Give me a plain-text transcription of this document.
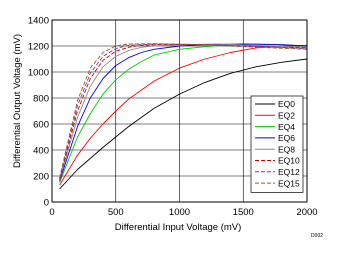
0	500	1000	1500	2000
0
200
400
600
800
1000
1200
1400
Differential Input Voltage (mV)
Differential Output Voltage (mV)	EQ0
EQ2
EQ4
EQ6
EQ8
EQ10
EQ12
EQ15
D002
